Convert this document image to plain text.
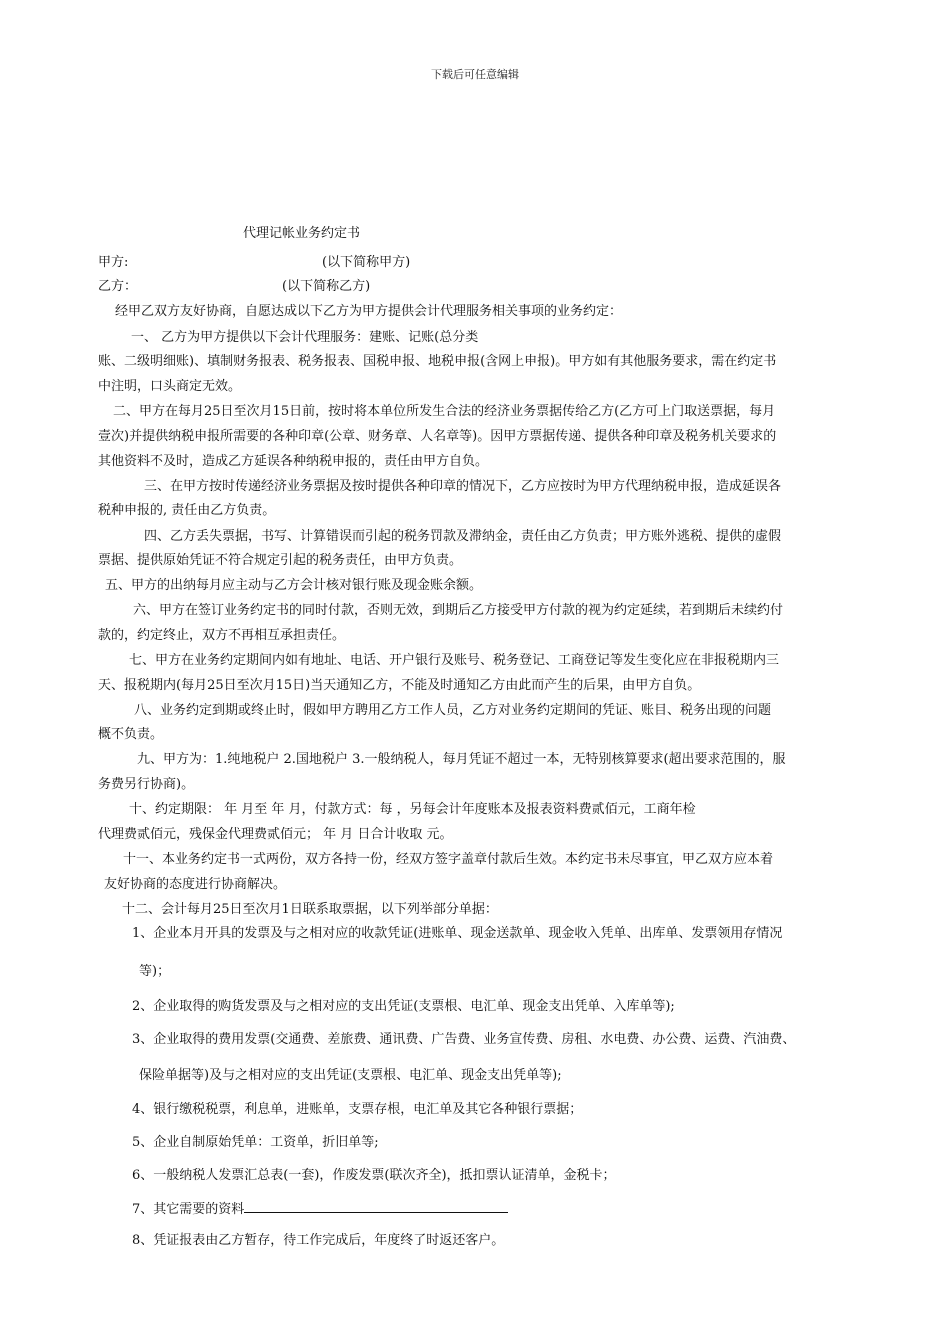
下载后可任意编辑
代理记帐业务约定书
甲方:	(以下简称甲方)
乙方：	(以下简称乙方)
经甲乙双方友好协商，自愿达成以下乙方为甲方提供会计代理服务相关事项的业务约定：
一、 乙方为甲方提供以下会计代理服务：建账、记账(总分类
账、二级明细账)、填制财务报表、税务报表、国税申报、地税申报(含网上申报)。甲方如有其他服务要求，需在约定书
中注明，口头商定无效。
二、甲方在每月25日至次月15日前，按时将本单位所发生合法的经济业务票据传给乙方(乙方可上门取送票据，每月
壹次)并提供纳税申报所需要的各种印章(公章、财务章、人名章等)。因甲方票据传递、提供各种印章及税务机关要求的
其他资料不及时，造成乙方延误各种纳税申报的，责任由甲方自负。
三、在甲方按时传递经济业务票据及按时提供各种印章的情况下，乙方应按时为甲方代理纳税申报，造成延误各
税种申报的, 责任由乙方负责。
四、乙方丢失票据，书写、计算错误而引起的税务罚款及滞纳金，责任由乙方负责；甲方账外逃税、提供的虚假
票据、提供原始凭证不符合规定引起的税务责任，由甲方负责。
五、甲方的出纳每月应主动与乙方会计核对银行账及现金账余额。
六、甲方在签订业务约定书的同时付款，否则无效，到期后乙方接受甲方付款的视为约定延续，若到期后未续约付
款的，约定终止，双方不再相互承担责任。
七、甲方在业务约定期间内如有地址、电话、开户银行及账号、税务登记、工商登记等发生变化应在非报税期内三
天、报税期内(每月25日至次月15日)当天通知乙方，不能及时通知乙方由此而产生的后果，由甲方自负。
八、业务约定到期或终止时，假如甲方聘用乙方工作人员，乙方对业务约定期间的凭证、账目、税务出现的问题
概不负责。
九、甲方为：1.纯地税户 2.国地税户 3.一般纳税人，每月凭证不超过一本，无特别核算要求(超出要求范围的，服
务费另行协商)。
十、约定期限： 年 月至 年 月，付款方式：每 ，另每会计年度账本及报表资料费贰佰元，工商年检
代理费贰佰元，残保金代理费贰佰元； 年 月 日合计收取 元。
十一、本业务约定书一式两份，双方各持一份，经双方签字盖章付款后生效。本约定书未尽事宜，甲乙双方应本着
友好协商的态度进行协商解决。
十二、会计每月25日至次月1日联系取票据，以下列举部分单据：
1、企业本月开具的发票及与之相对应的收款凭证(进账单、现金送款单、现金收入凭单、出库单、发票领用存情况
等)；
2、企业取得的购货发票及与之相对应的支出凭证(支票根、电汇单、现金支出凭单、入库单等);
3、企业取得的费用发票(交通费、差旅费、通讯费、广告费、业务宣传费、房租、水电费、办公费、运费、汽油费、
保险单据等)及与之相对应的支出凭证(支票根、电汇单、现金支出凭单等);
4、银行缴税税票，利息单，进账单，支票存根，电汇单及其它各种银行票据；
5、企业自制原始凭单：工资单，折旧单等;
6、一般纳税人发票汇总表(一套)，作废发票(联次齐全)，抵扣票认证清单，金税卡；
7、其它需要的资料
8、凭证报表由乙方暂存，待工作完成后，年度终了时返还客户。
